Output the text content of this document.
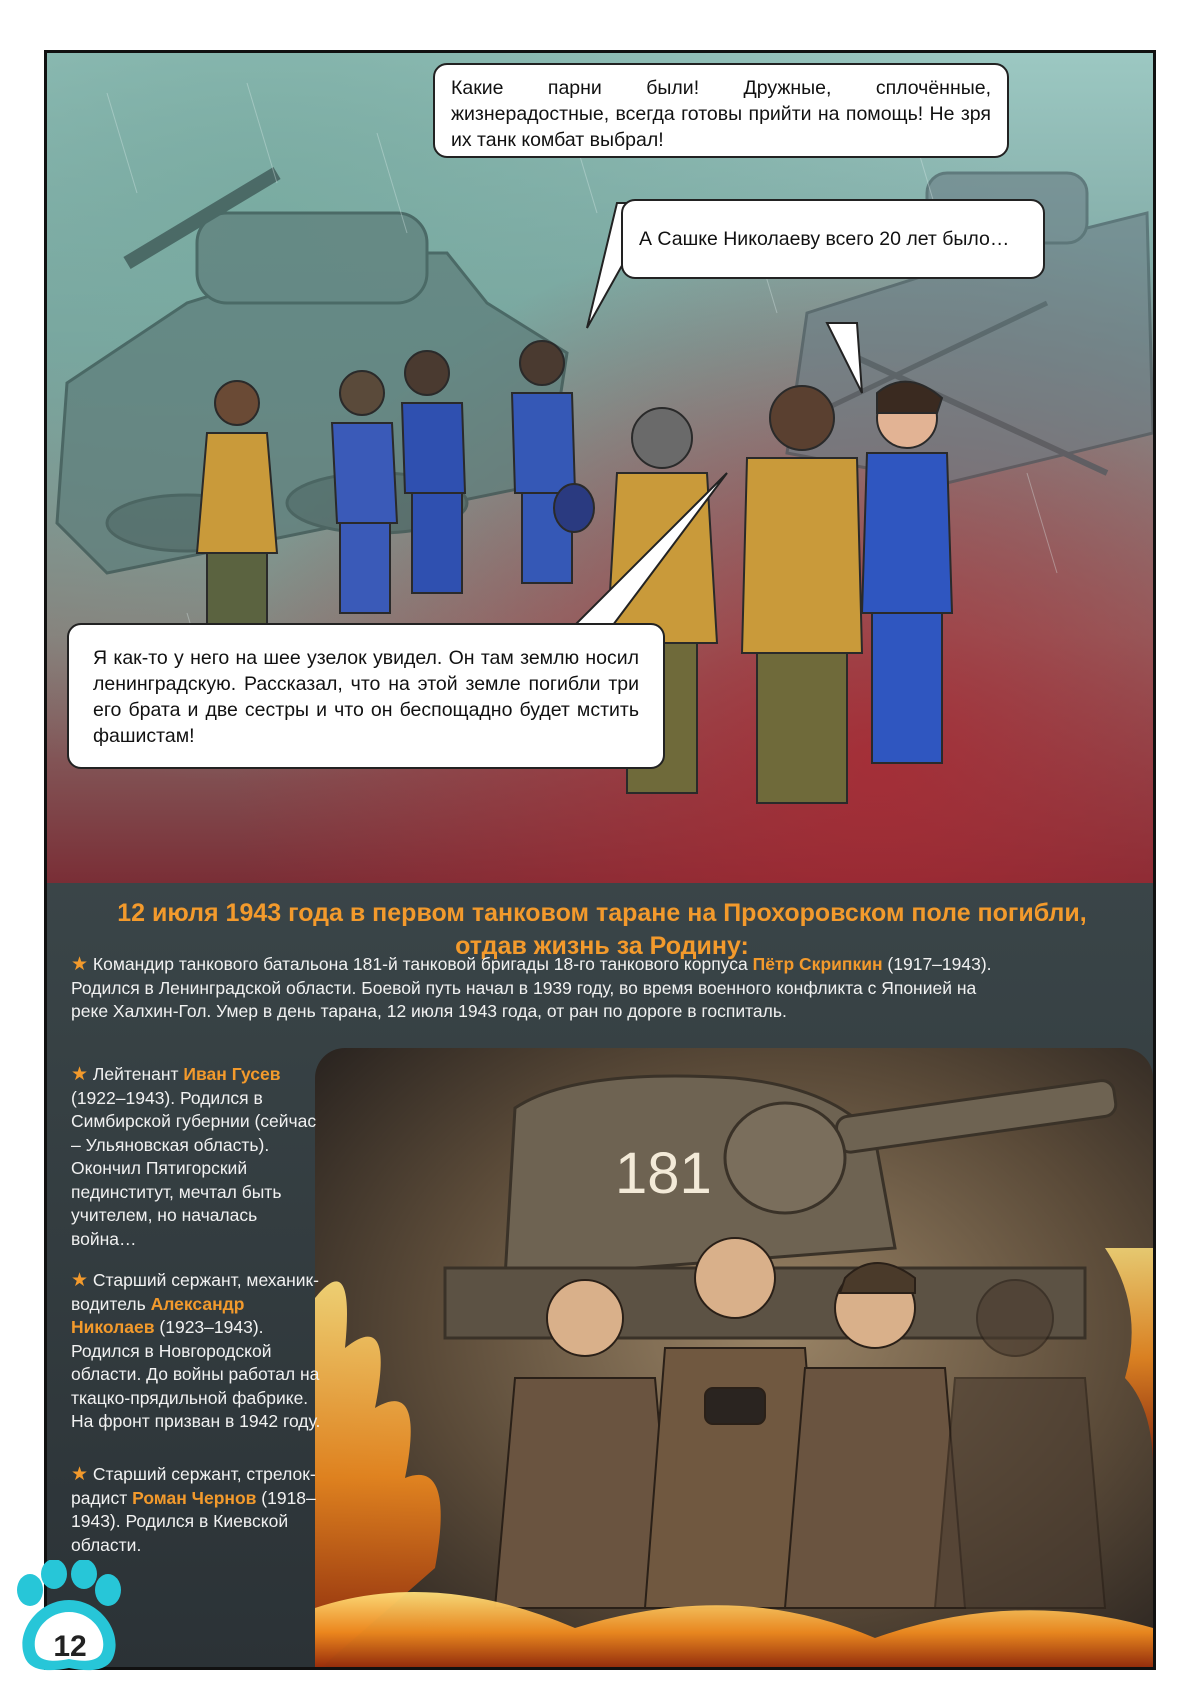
Какие парни были! Дружные, сплочённые, жизнерадостные, всегда готовы прийти на помощь! Не зря их танк комбат выбрал!
А Сашке Николаеву всего 20 лет было…
Я как-то у него на шее узелок увидел. Он там землю носил ленинградскую. Рассказал, что на этой земле погибли три его брата и две сестры и что он беспощадно будет мстить фашистам!
12 июля 1943 года в первом танковом таране на Прохоровском поле погибли, отдав жизнь за Родину:
181
★ Командир танкового батальона 181-й танковой бригады 18-го танкового корпуса Пётр Скрипкин (1917–1943). Родился в Ленинградской области. Боевой путь начал в 1939 году, во время военного конфликта с Японией на реке Халхин-Гол. Умер в день тарана, 12 июля 1943 года, от ран по дороге в госпиталь.
★ Лейтенант Иван Гусев (1922–1943). Родился в Симбирской губернии (сейчас – Ульяновская область). Окончил Пятигорский пединститут, мечтал быть учителем, но началась война…
★ Старший сержант, механик-водитель Александр Николаев (1923–1943). Родился в Новгородской области. До войны работал на ткацко-прядильной фабрике. На фронт призван в 1942 году.
★ Старший сержант, стрелок-радист Роман Чернов (1918–1943). Родился в Киевской области.
12
